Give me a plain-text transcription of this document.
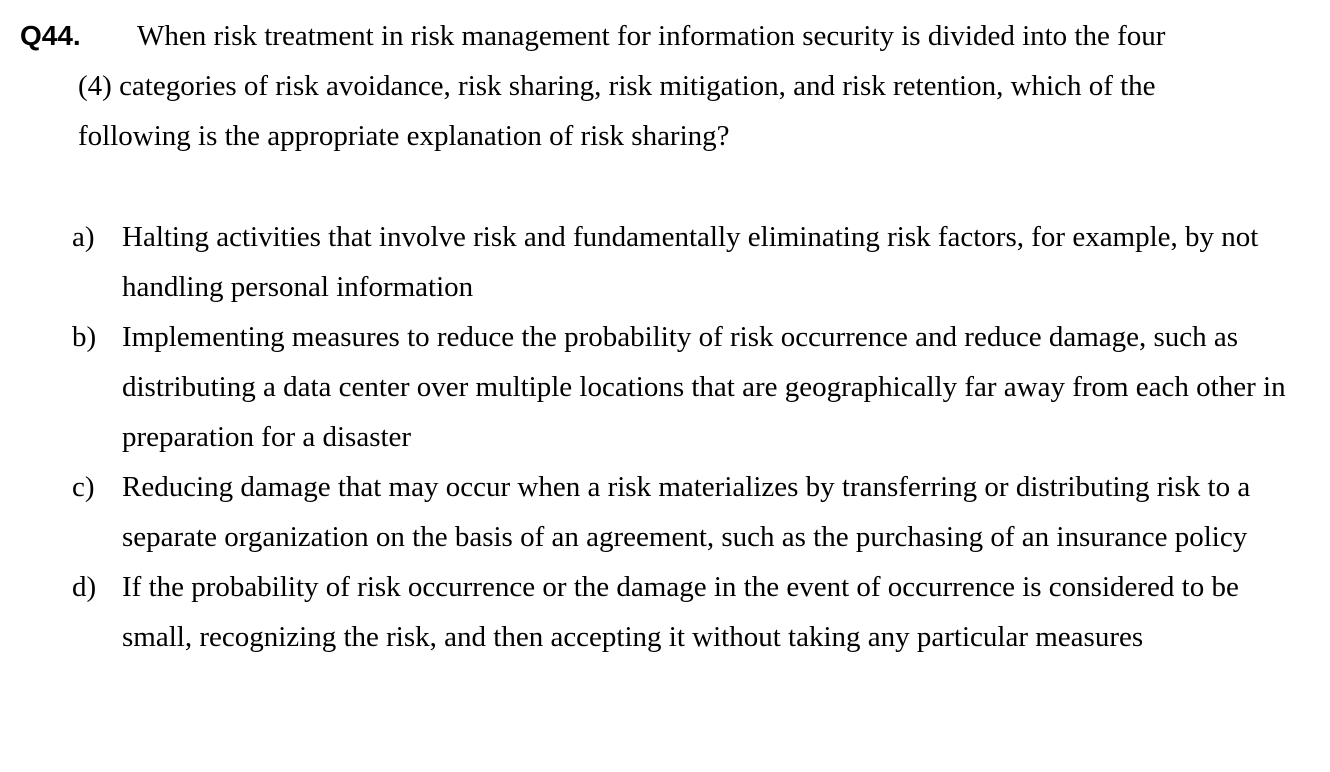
Q44. When risk treatment in risk management for information security is divided into the four
(4) categories of risk avoidance, risk sharing, risk mitigation, and risk retention, which of the
following is the appropriate explanation of risk sharing?
a) Halting activities that involve risk and fundamentally eliminating risk factors, for example, by not handling personal information
b) Implementing measures to reduce the probability of risk occurrence and reduce damage, such as distributing a data center over multiple locations that are geographically far away from each other in preparation for a disaster
c) Reducing damage that may occur when a risk materializes by transferring or distributing risk to a separate organization on the basis of an agreement, such as the purchasing of an insurance policy
d) If the probability of risk occurrence or the damage in the event of occurrence is considered to be small, recognizing the risk, and then accepting it without taking any particular measures
